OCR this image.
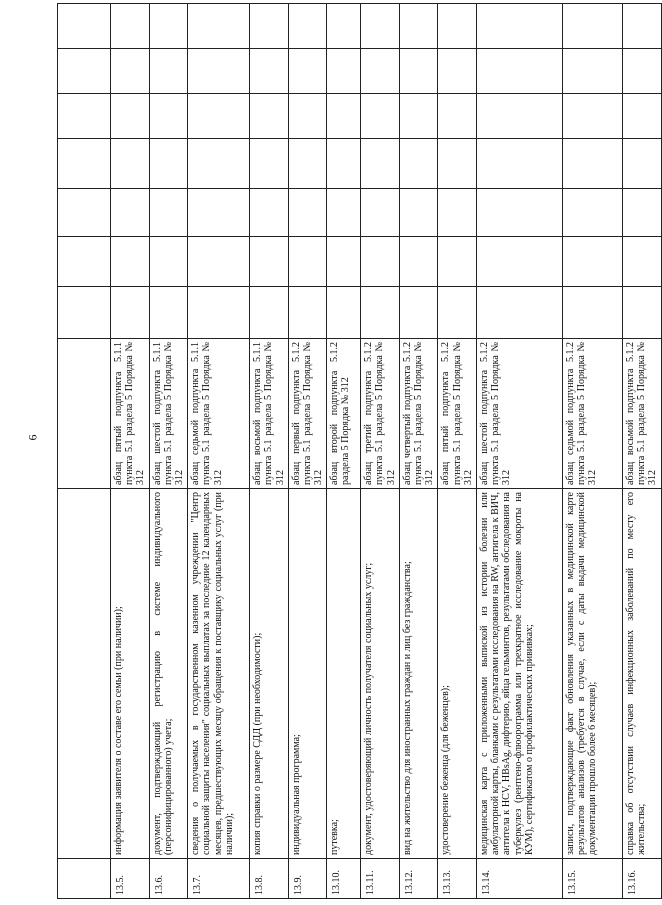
6

13.5.	информация заявителя о составе его семьи (при наличии);	абзац пятый подпункта 5.1.1 пункта 5.1 раздела 5 Порядка № 312							
13.6.	документ, подтверждающий регистрацию в системе индивидуального (персонифицированного) учета;	абзац шестой подпункта 5.1.1 пункта 5.1 раздела 5 Порядка № 312							
13.7.	сведения о получаемых в государственном казенном учреждении "Центр социальной защиты населения" социальных выплатах за последние 12 календарных месяцев, предшествующих месяцу обращения к поставщику социальных услуг (при наличии);	абзац седьмой подпункта 5.1.1 пункта 5.1 раздела 5 Порядка № 312							
13.8.	копия справки о размере СДД (при необходимости);	абзац восьмой подпункта 5.1.1 пункта 5.1 раздела 5 Порядка № 312							
13.9.	индивидуальная программа;	абзац первый подпункта 5.1.2 пункта 5.1 раздела 5 Порядка № 312							
13.10.	путевка;	абзац второй подпункта 5.1.2 раздела 5 Порядка № 312							
13.11.	документ, удостоверяющий личность получателя социальных услуг;	абзац третий подпункта 5.1.2 пункта 5.1 раздела 5 Порядка № 312							
13.12.	вид на жительство для иностранных граждан и лиц без гражданства;	абзац четвертый подпункта 5.1.2 пункта 5.1 раздела 5 Порядка № 312							
13.13.	удостоверение беженца (для беженцев);	абзац пятый подпункта 5.1.2 пункта 5.1 раздела 5 Порядка № 312							
13.14.	медицинская карта с приложенными выпиской из истории болезни или амбулаторной карты, бланками с результатами исследования на RW, антигела к ВИЧ, антитела к HCV, HBsAg, дифтерию, яйца гельминтов, результатами обследования на туберкулез (рентгено-флюорограмма или трехкратное исследование мокроты на КУМ), сертификатом о профилактических прививках;	абзац шестой подпункта 5.1.2 пункта 5.1 раздела 5 Порядка № 312							
13.15.	записи, подтверждающие факт обновления указанных в медицинской карте результатов анализов (требуется в случае, если с даты выдачи медицинской документации прошло более 6 месяцев);	абзац седьмой подпункта 5.1.2 пункта 5.1 раздела 5 Порядка № 312							
13.16.	справка об отсутствии случаев инфекционных заболеваний по месту его жительства;	абзац восьмой подпункта 5.1.2 пункта 5.1 раздела 5 Порядка № 312							
